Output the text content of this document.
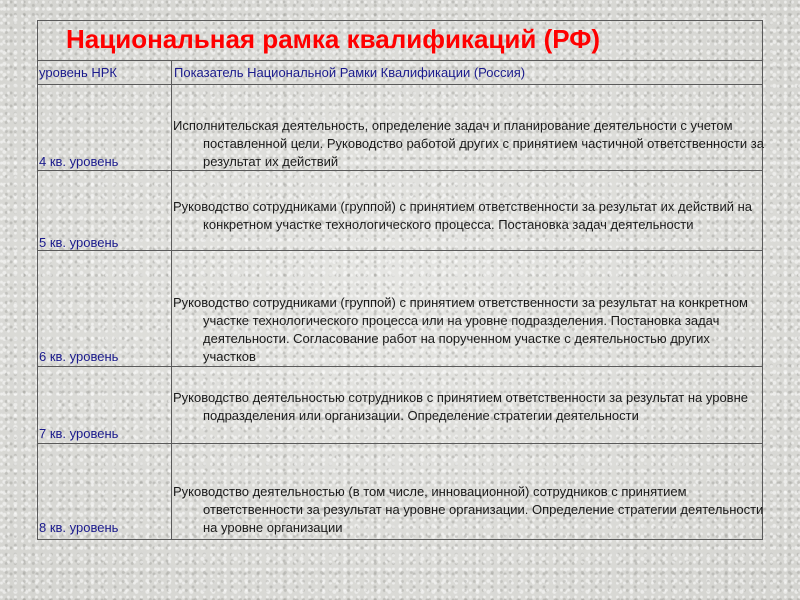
Национальная рамка квалификаций (РФ)
уровень НРК	Показатель Национальной Рамки Квалификации (Россия)
4 кв. уровень
Исполнительская деятельность, определение задач и планирование деятельности с учетом поставленной цели. Руководство работой других с принятием частичной ответственности за результат их действий
5 кв. уровень
Руководство сотрудниками (группой) с принятием ответственности за результат их действий на конкретном участке технологического процесса. Постановка задач деятельности
6 кв. уровень
Руководство сотрудниками (группой) с принятием ответственности за результат на конкретном участке технологического процесса или на уровне подразделения. Постановка задач деятельности. Согласование работ на порученном участке с деятельностью других участков
7 кв. уровень
Руководство деятельностью сотрудников с принятием ответственности за результат на уровне подразделения или организации. Определение стратегии деятельности
8 кв. уровень
Руководство деятельностью (в том числе, инновационной) сотрудников с принятием ответственности за результат на уровне организации. Определение стратегии деятельности на уровне организации
